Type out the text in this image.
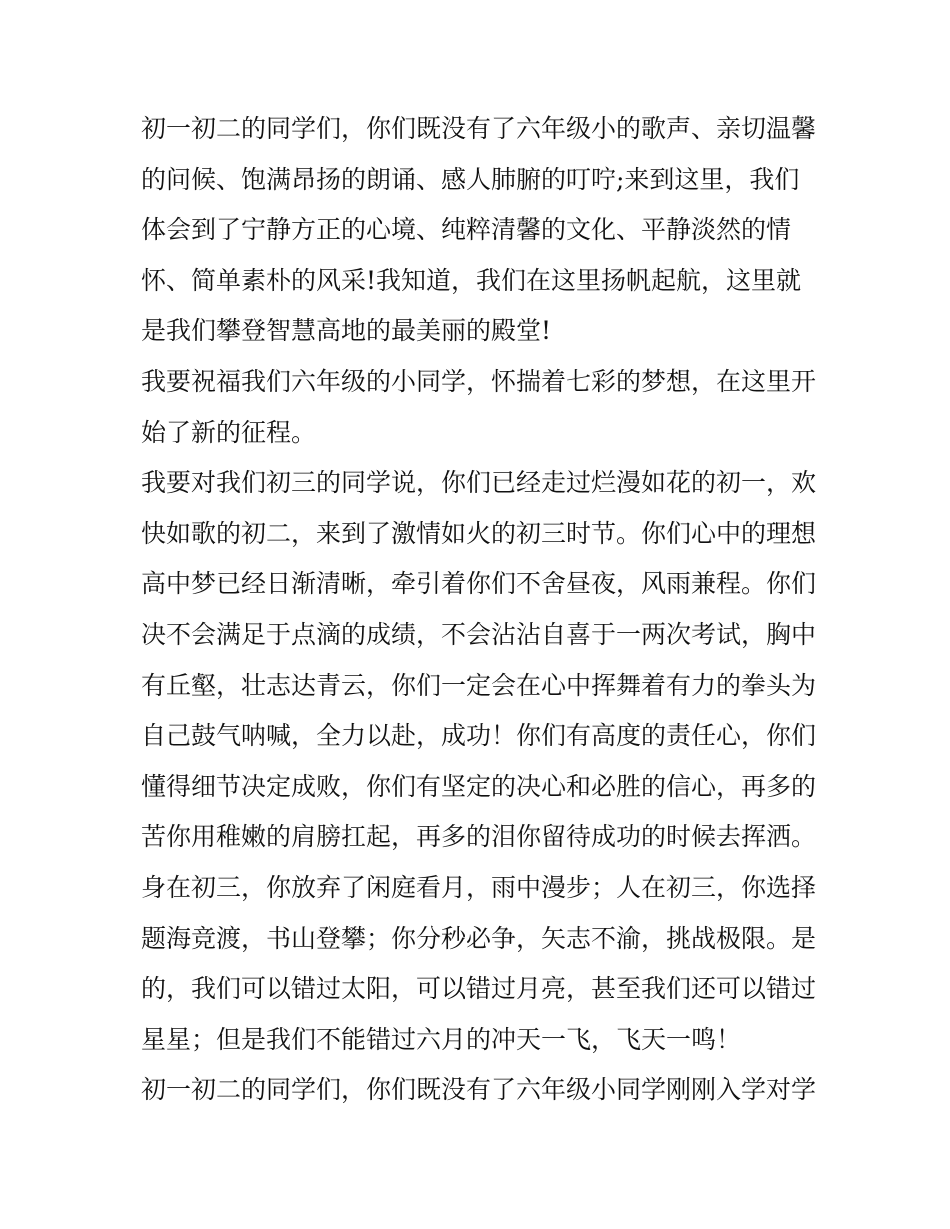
初一初二的同学们，你们既没有了六年级小的歌声、亲切温馨
的问候、饱满昂扬的朗诵、感人肺腑的叮咛;来到这里，我们
体会到了宁静方正的心境、纯粹清馨的文化、平静淡然的情
怀、简单素朴的风采!我知道，我们在这里扬帆起航，这里就
是我们攀登智慧高地的最美丽的殿堂!
我要祝福我们六年级的小同学，怀揣着七彩的梦想，在这里开
始了新的征程。
我要对我们初三的同学说，你们已经走过烂漫如花的初一，欢
快如歌的初二，来到了激情如火的初三时节。你们心中的理想
高中梦已经日渐清晰，牵引着你们不舍昼夜，风雨兼程。你们
决不会满足于点滴的成绩，不会沾沾自喜于一两次考试，胸中
有丘壑，壮志达青云，你们一定会在心中挥舞着有力的拳头为
自己鼓气呐喊，全力以赴，成功！你们有高度的责任心，你们
懂得细节决定成败，你们有坚定的决心和必胜的信心，再多的
苦你用稚嫩的肩膀扛起，再多的泪你留待成功的时候去挥洒。
身在初三，你放弃了闲庭看月，雨中漫步；人在初三，你选择
题海竞渡，书山登攀；你分秒必争，矢志不渝，挑战极限。是
的，我们可以错过太阳，可以错过月亮，甚至我们还可以错过
星星；但是我们不能错过六月的冲天一飞，飞天一鸣！
初一初二的同学们，你们既没有了六年级小同学刚刚入学对学
